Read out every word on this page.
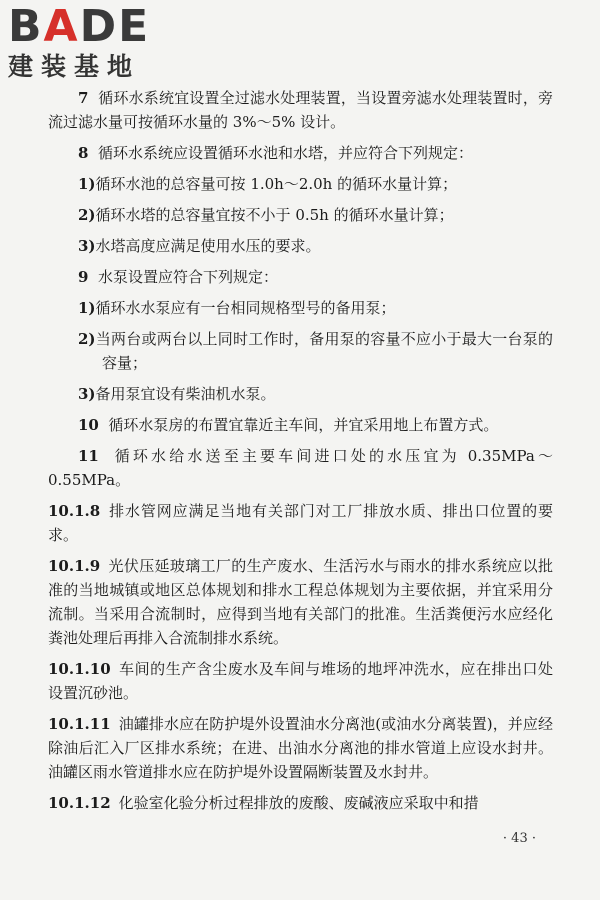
BADE
建装基地

7 循环水系统宜设置全过滤水处理装置，当设置旁滤水处理装置时，旁流过滤水量可按循环水量的 3%～5% 设计。

8 循环水系统应设置循环水池和水塔，并应符合下列规定：

1)循环水池的总容量可按 1.0h～2.0h 的循环水量计算；

2)循环水塔的总容量宜按不小于 0.5h 的循环水量计算；

3)水塔高度应满足使用水压的要求。

9 水泵设置应符合下列规定：

1)循环水水泵应有一台相同规格型号的备用泵；

2)当两台或两台以上同时工作时，备用泵的容量不应小于最大一台泵的容量；

3)备用泵宜设有柴油机水泵。

10 循环水泵房的布置宜靠近主车间，并宜采用地上布置方式。

11 循环水给水送至主要车间进口处的水压宜为 0.35MPa～0.55MPa。

10.1.8 排水管网应满足当地有关部门对工厂排放水质、排出口位置的要求。

10.1.9 光伏压延玻璃工厂的生产废水、生活污水与雨水的排水系统应以批准的当地城镇或地区总体规划和排水工程总体规划为主要依据，并宜采用分流制。当采用合流制时，应得到当地有关部门的批准。生活粪便污水应经化粪池处理后再排入合流制排水系统。

10.1.10 车间的生产含尘废水及车间与堆场的地坪冲洗水，应在排出口处设置沉砂池。

10.1.11 油罐排水应在防护堤外设置油水分离池(或油水分离装置)，并应经除油后汇入厂区排水系统；在进、出油水分离池的排水管道上应设水封井。油罐区雨水管道排水应在防护堤外设置隔断装置及水封井。

10.1.12 化验室化验分析过程排放的废酸、废碱液应采取中和措

· 43 ·
